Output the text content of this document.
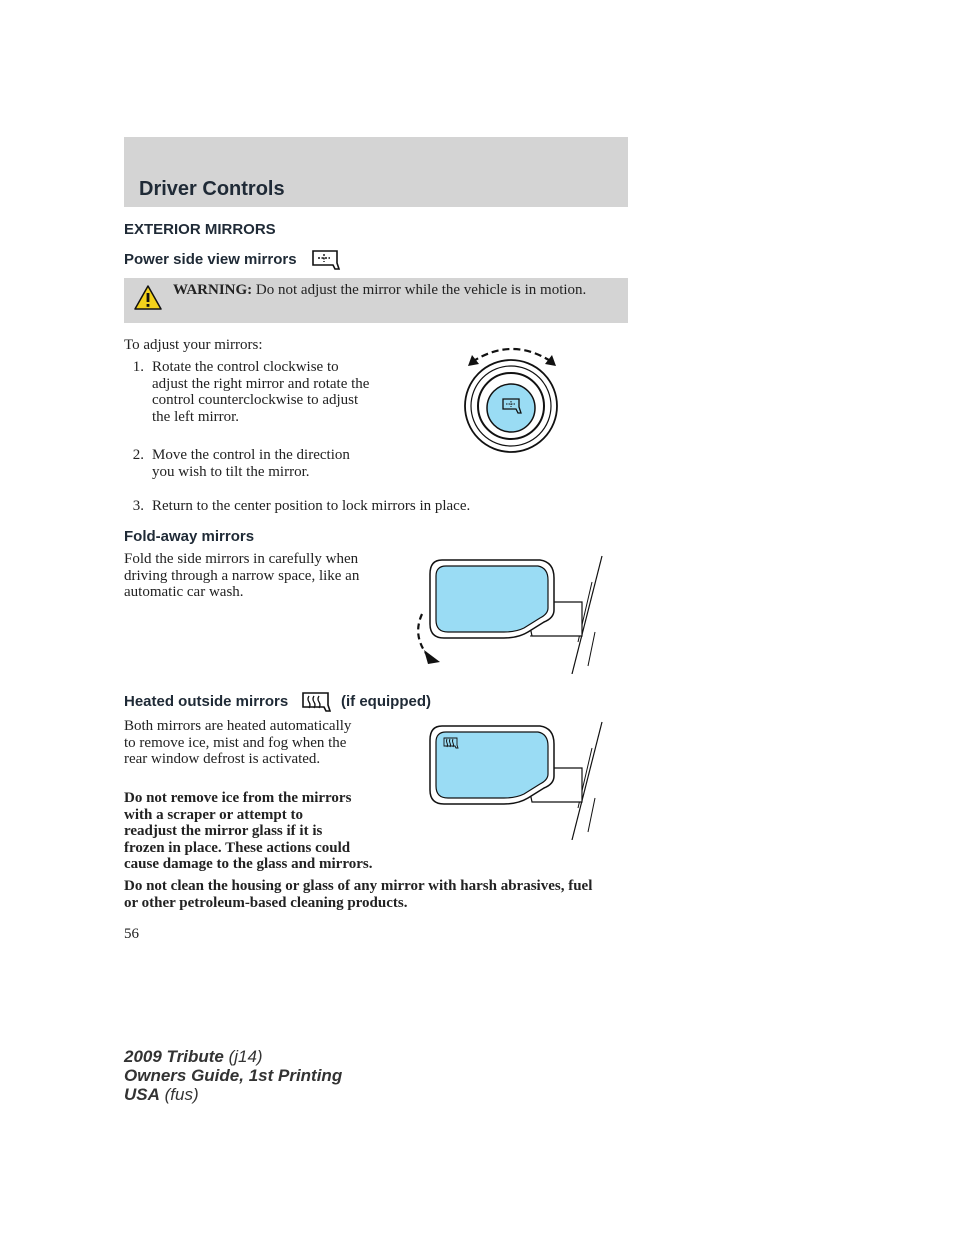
Driver Controls
EXTERIOR MIRRORS
Power side view mirrors
WARNING: Do not adjust the mirror while the vehicle is in motion.
To adjust your mirrors:
1. Rotate the control clockwise to adjust the right mirror and rotate the control counterclockwise to adjust the left mirror.
2. Move the control in the direction you wish to tilt the mirror.
3. Return to the center position to lock mirrors in place.
Fold-away mirrors
Fold the side mirrors in carefully when driving through a narrow space, like an automatic car wash.
Heated outside mirrors	(if equipped)
Both mirrors are heated automatically to remove ice, mist and fog when the rear window defrost is activated.
Do not remove ice from the mirrors with a scraper or attempt to readjust the mirror glass if it is frozen in place. These actions could cause damage to the glass and mirrors.
Do not clean the housing or glass of any mirror with harsh abrasives, fuel or other petroleum-based cleaning products.
56
2009 Tribute (j14)
Owners Guide, 1st Printing
USA (fus)
